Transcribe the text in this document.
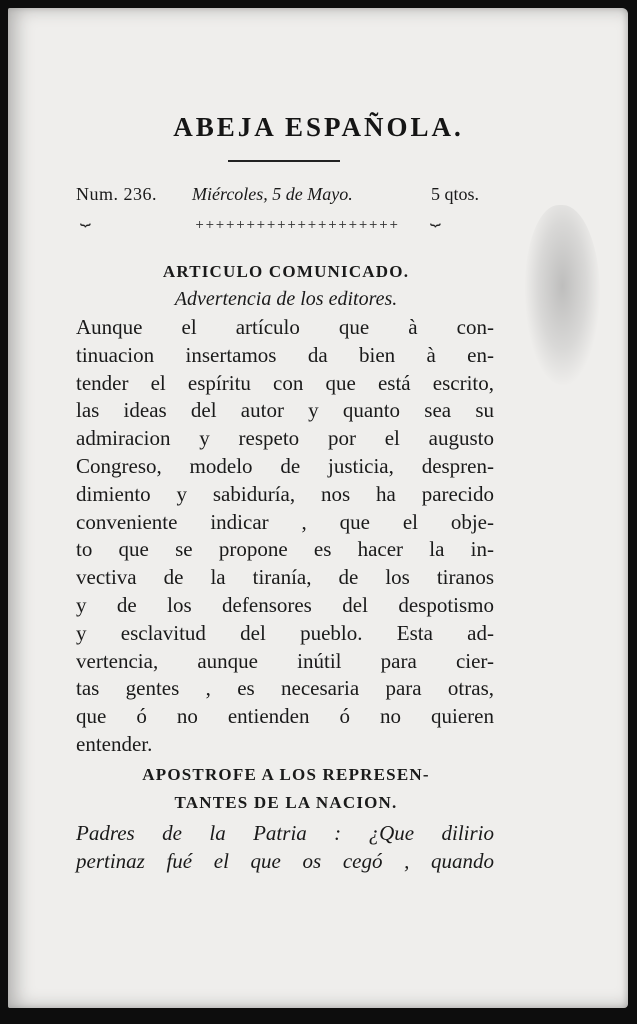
ABEJA ESPAÑOLA.
Num. 236. Miércoles, 5 de Mayo.	5 qtos.
⏟	⏟
++++++++++++++++++++
ARTICULO COMUNICADO.
Advertencia de los editores.
Aunque el artículo que à con-
tinuacion insertamos da bien à en-
tender el espíritu con que está escrito,
las ideas del autor y quanto sea su
admiracion y respeto por el augusto
Congreso, modelo de justicia, despren-
dimiento y sabiduría, nos ha parecido
conveniente indicar , que el obje-
to que se propone es hacer la in-
vectiva de la tiranía, de los tiranos
y de los defensores del despotismo
y esclavitud del pueblo. Esta ad-
vertencia, aunque inútil para cier-
tas gentes , es necesaria para otras,
que ó no entienden ó no quieren
entender.
APOSTROFE A LOS REPRESEN-
TANTES DE LA NACION.
Padres de la Patria : ¿Que dilirio
pertinaz fué el que os cegó , quando
